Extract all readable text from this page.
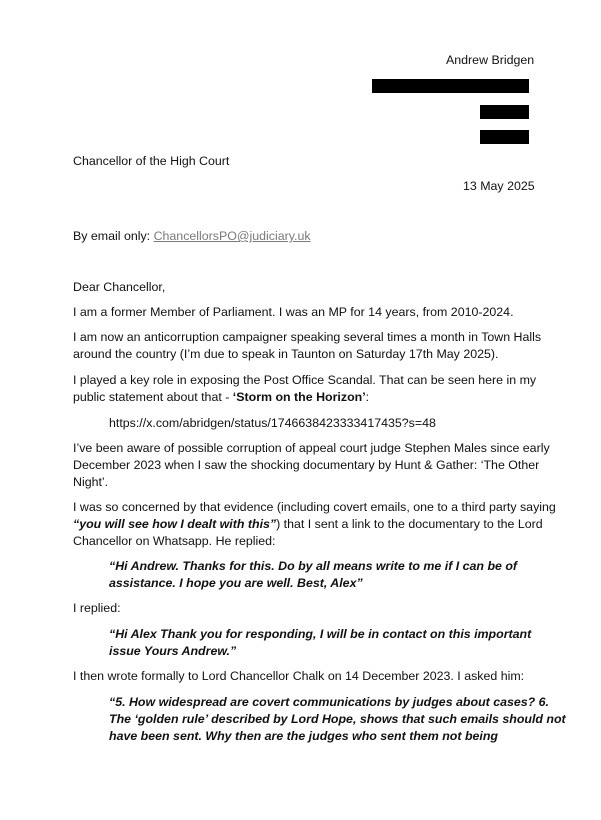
Andrew Bridgen
Chancellor of the High Court
13 May 2025
By email only: ChancellorsPO@judiciary.uk
Dear Chancellor,
I am a former Member of Parliament. I was an MP for 14 years, from 2010-2024.
I am now an anticorruption campaigner speaking several times a month in Town Halls
around the country (I’m due to speak in Taunton on Saturday 17th May 2025).
I played a key role in exposing the Post Office Scandal. That can be seen here in my
public statement about that - ‘Storm on the Horizon’:
https://x.com/abridgen/status/1746638423333417435?s=48
I’ve been aware of possible corruption of appeal court judge Stephen Males since early
December 2023 when I saw the shocking documentary by Hunt & Gather: ‘The Other
Night’.
I was so concerned by that evidence (including covert emails, one to a third party saying
“you will see how I dealt with this”) that I sent a link to the documentary to the Lord
Chancellor on Whatsapp. He replied:
“Hi Andrew. Thanks for this. Do by all means write to me if I can be of
assistance. I hope you are well. Best, Alex”
I replied:
“Hi Alex Thank you for responding, I will be in contact on this important
issue Yours Andrew.”
I then wrote formally to Lord Chancellor Chalk on 14 December 2023. I asked him:
“5. How widespread are covert communications by judges about cases? 6.
The ‘golden rule’ described by Lord Hope, shows that such emails should not
have been sent. Why then are the judges who sent them not being
